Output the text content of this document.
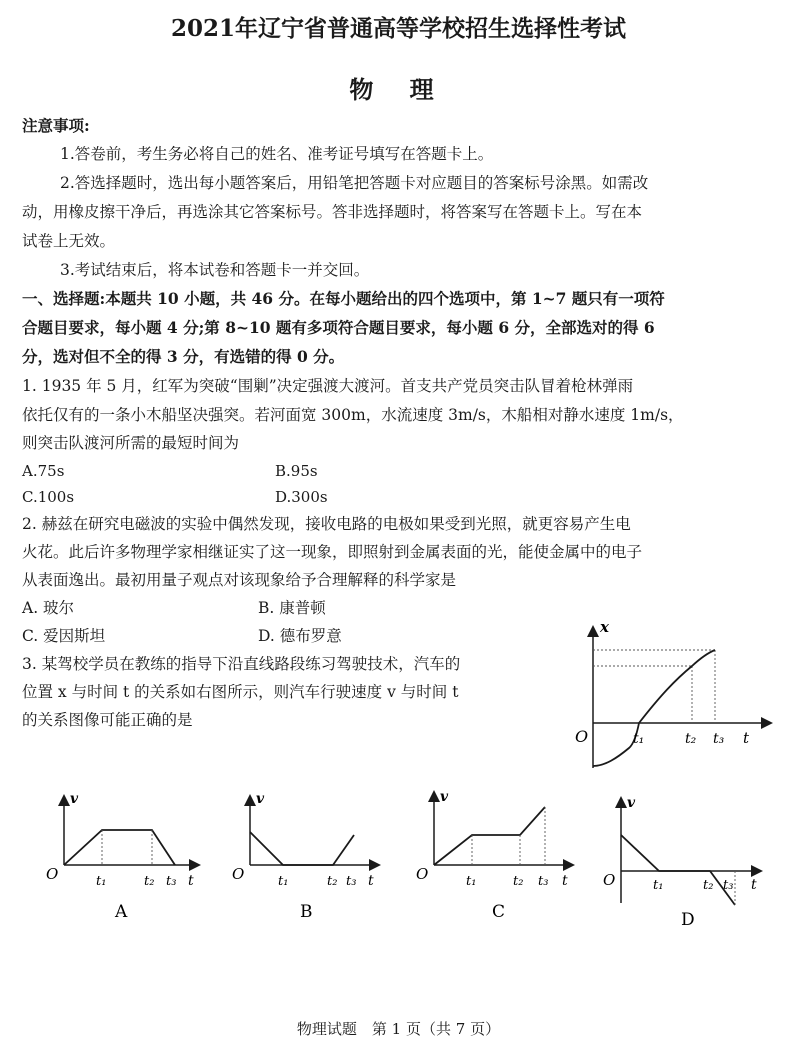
2021年辽宁省普通高等学校招生选择性考试
物 理
注意事项:
1.答卷前，考生务必将自己的姓名、准考证号填写在答题卡上。
2.答选择题时，选出每小题答案后，用铅笔把答题卡对应题目的答案标号涂黑。如需改
动，用橡皮擦干净后，再选涂其它答案标号。答非选择题时，将答案写在答题卡上。写在本
试卷上无效。
3.考试结束后，将本试卷和答题卡一并交回。
一、选择题:本题共 10 小题，共 46 分。在每小题给出的四个选项中，第 1~7 题只有一项符
合题目要求，每小题 4 分;第 8~10 题有多项符合题目要求，每小题 6 分，全部选对的得 6
分，选对但不全的得 3 分，有选错的得 0 分。
1. 1935 年 5 月，红军为突破“围剿”决定强渡大渡河。首支共产党员突击队冒着枪林弹雨
依托仅有的一条小木船坚决强突。若河面宽 300m，水流速度 3m/s，木船相对静水速度 1m/s，
则突击队渡河所需的最短时间为
A.75s	B.95s
C.100s	D.300s
2. 赫兹在研究电磁波的实验中偶然发现，接收电路的电极如果受到光照，就更容易产生电
火花。此后许多物理学家相继证实了这一现象，即照射到金属表面的光，能使金属中的电子
从表面逸出。最初用量子观点对该现象给予合理解释的科学家是
A. 玻尔	B. 康普顿
C. 爱因斯坦	D. 德布罗意
3. 某驾校学员在教练的指导下沿直线路段练习驾驶技术，汽车的
位置 x 与时间 t 的关系如右图所示，则汽车行驶速度 v 与时间 t
的关系图像可能正确的是
x
O	t₁	t₂ t₃ t
v
O	t₁	t₂ t₃ t
A
v
O	t₁	t₂ t₃ t
B
v
O	t₁	t₂ t₃ t
C
v
O	t₁	t₂ t₃ t
D
物理试题　第 1 页（共 7 页）
